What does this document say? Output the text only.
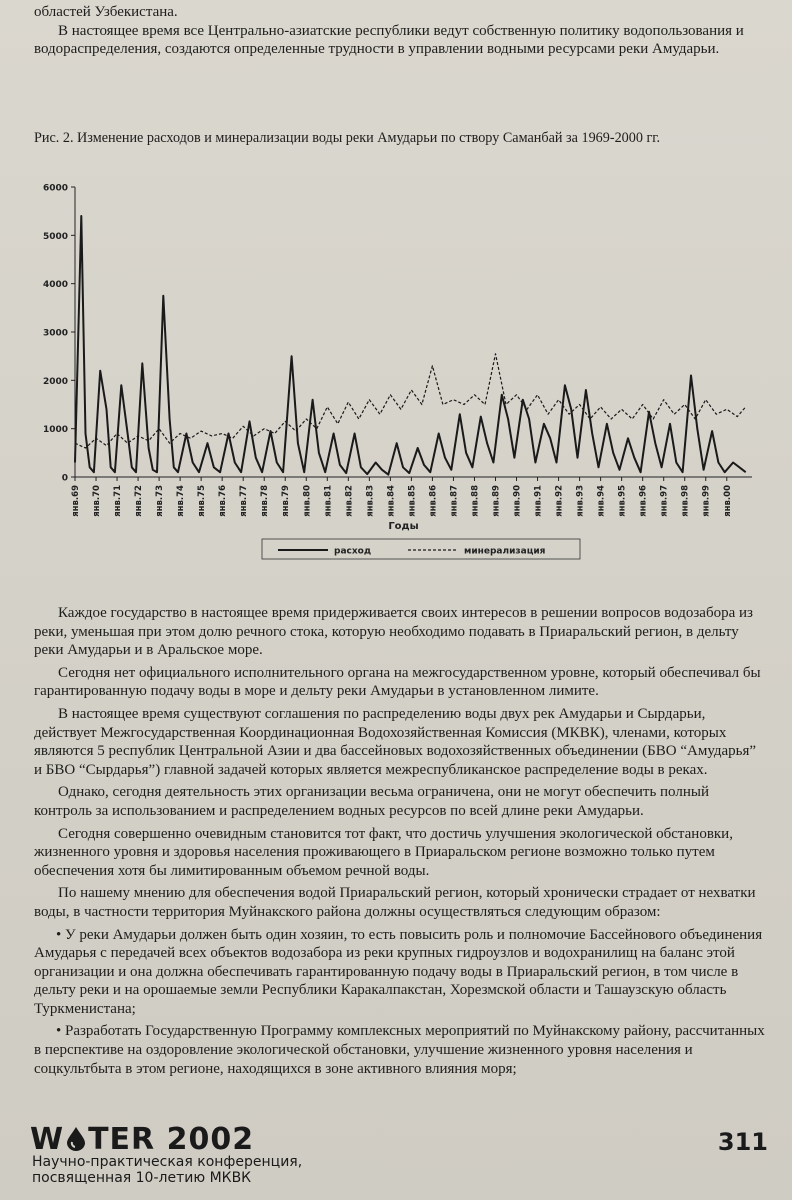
областей Узбекистана.
В настоящее время все Центрально-азиатские республики ведут собственную политику водопользования и водораспределения, создаются определенные трудности в управлении водными ресурсами реки Амударьи.

Рис. 2. Изменение расходов и минерализации воды реки Амударьи по створу Саманбай за 1969-2000 гг.

0
1000
2000
3000
4000
5000
6000
янв.69 янв.70 янв.71 янв.72 янв.73 янв.74 янв.75 янв.76 янв.77 янв.78 янв.79 янв.80 янв.81 янв.82 янв.83 янв.84 янв.85 янв.86 янв.87 янв.88 янв.89 янв.90 янв.91 янв.92 янв.93 янв.94 янв.95 янв.96 янв.97 янв.98 янв.99 янв.00
Годы
расход	минерализация

Каждое государство в настоящее время придерживается своих интересов в решении вопросов водозабора из реки, уменьшая при этом долю речного стока, которую необходимо подавать в Приаральский регион, в дельту реки Амударьи и в Аральское море.

Сегодня нет официального исполнительного органа на межгосударственном уровне, который обеспечивал бы гарантированную подачу воды в море и дельту реки Амударьи в установленном лимите.

В настоящее время существуют соглашения по распределению воды двух рек Амударьи и Сырдарьи, действует Межгосударственная Координационная Водохозяйственная Комиссия (МКВК), членами, которых являются 5 республик Центральной Азии и два бассейновых водохозяйственных объединении (БВО “Амударья” и БВО “Сырдарья”) главной задачей которых является межреспубликанское распределение воды в реках.

Однако, сегодня деятельность этих организации весьма ограничена, они не могут обеспечить полный контроль за использованием и распределением водных ресурсов по всей длине реки Амударьи.

Сегодня совершенно очевидным становится тот факт, что достичь улучшения экологической обстановки, жизненного уровня и здоровья населения проживающего в Приаральском регионе возможно только путем обеспечения хотя бы лимитированным объемом речной воды.

По нашему мнению для обеспечения водой Приаральский регион, который хронически страдает от нехватки воды, в частности территория Муйнакского района должны осуществляться следующим образом:

• У реки Амударьи должен быть один хозяин, то есть повысить роль и полномочие Бассейнового объединения Амударья с передачей всех объектов водозабора из реки крупных гидроузлов и водохранилищ на баланс этой организации и она должна обеспечивать гарантированную подачу воды в Приаральский регион, в том числе в дельту реки и на орошаемые земли Республики Каракалпакстан, Хорезмской области и Ташаузскую область Туркменистана;

• Разработать Государственную Программу комплексных мероприятий по Муйнакскому району, рассчитанных в перспективе на оздоровление экологической обстановки, улучшение жизненного уровня населения и соцкультбыта в этом регионе, находящихся в зоне активного влияния моря;

W TER 2002
Научно-практическая конференция,
посвященная 10-летию МКВК
311
